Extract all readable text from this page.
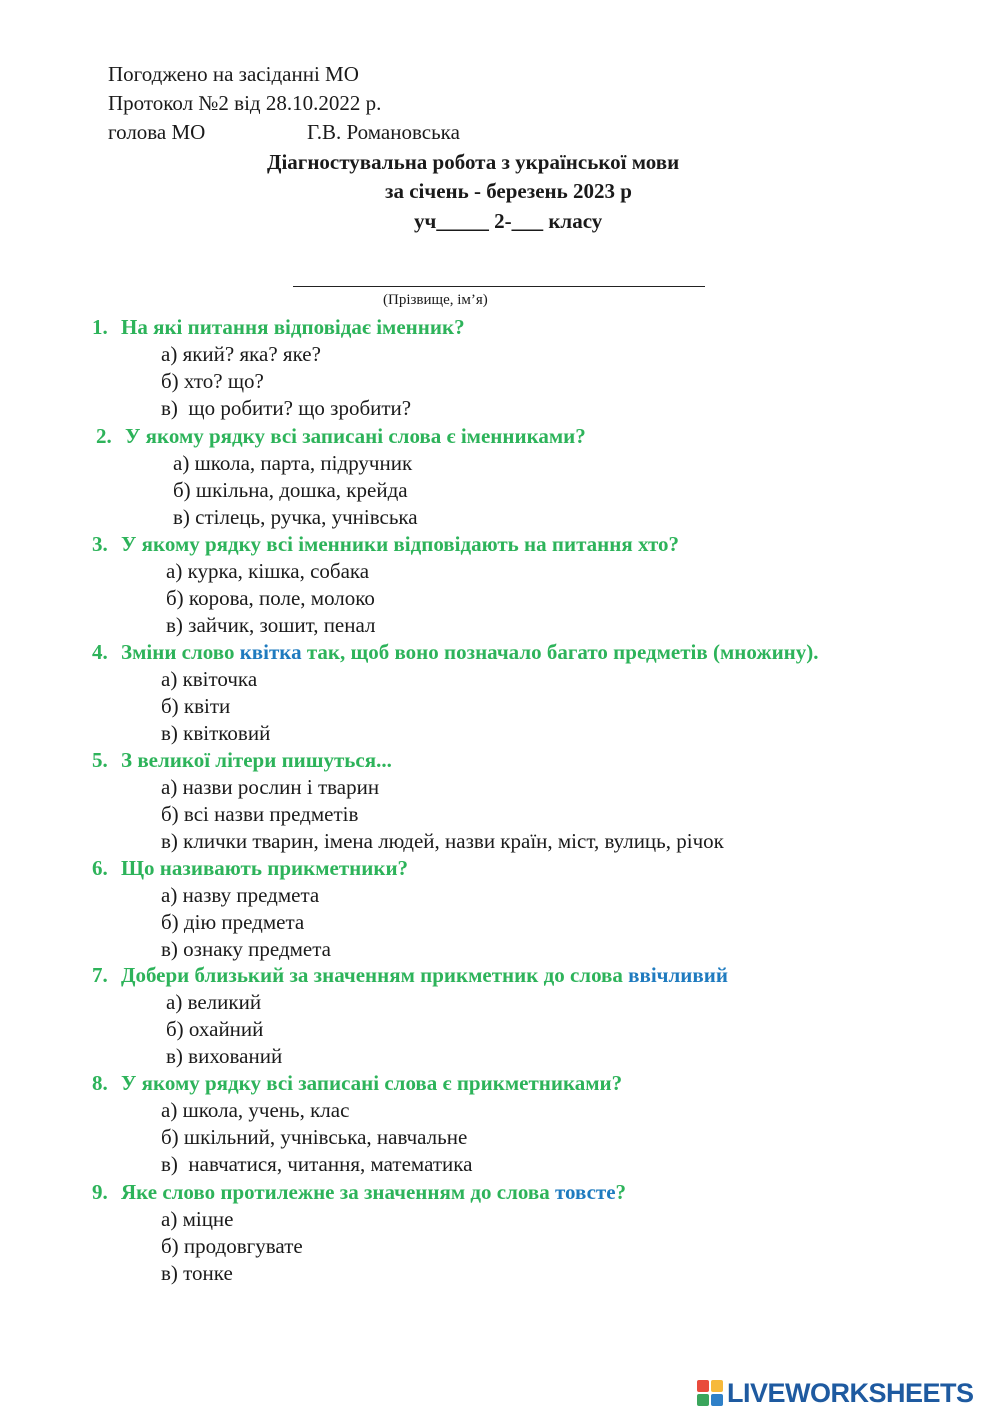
Погоджено на засіданні МО
Протокол №2 від 28.10.2022 р.
голова МО	Г.В. Романовська
Діагностувальна робота з української мови
за січень - березень 2023 р
уч_____ 2-___ класу
(Прізвище, ім’я)
1. На які питання відповідає іменник?
а) який? яка? яке?
б) хто? що?
в)  що робити? що зробити?
2. У якому рядку всі записані слова є іменниками?
а) школа, парта, підручник
б) шкільна, дошка, крейда
в) стілець, ручка, учнівська
3. У якому рядку всі іменники відповідають на питання хто?
а) курка, кішка, собака
б) корова, поле, молоко
в) зайчик, зошит, пенал
4. Зміни слово квітка так, щоб воно позначало багато предметів (множину).
а) квіточка
б) квіти
в) квітковий
5. З великої літери пишуться...
а) назви рослин і тварин
б) всі назви предметів
в) клички тварин, імена людей, назви країн, міст, вулиць, річок
6. Що називають прикметники?
а) назву предмета
б) дію предмета
в) ознаку предмета
7. Добери близький за значенням прикметник до слова ввічливий
а) великий
б) охайний
в) вихований
8. У якому рядку всі записані слова є прикметниками?
а) школа, учень, клас
б) шкільний, учнівська, навчальне
в)  навчатися, читання, математика
9. Яке слово протилежне за значенням до слова товсте?
а) міцне
б) продовгувате
в) тонке
LIVEWORKSHEETS
